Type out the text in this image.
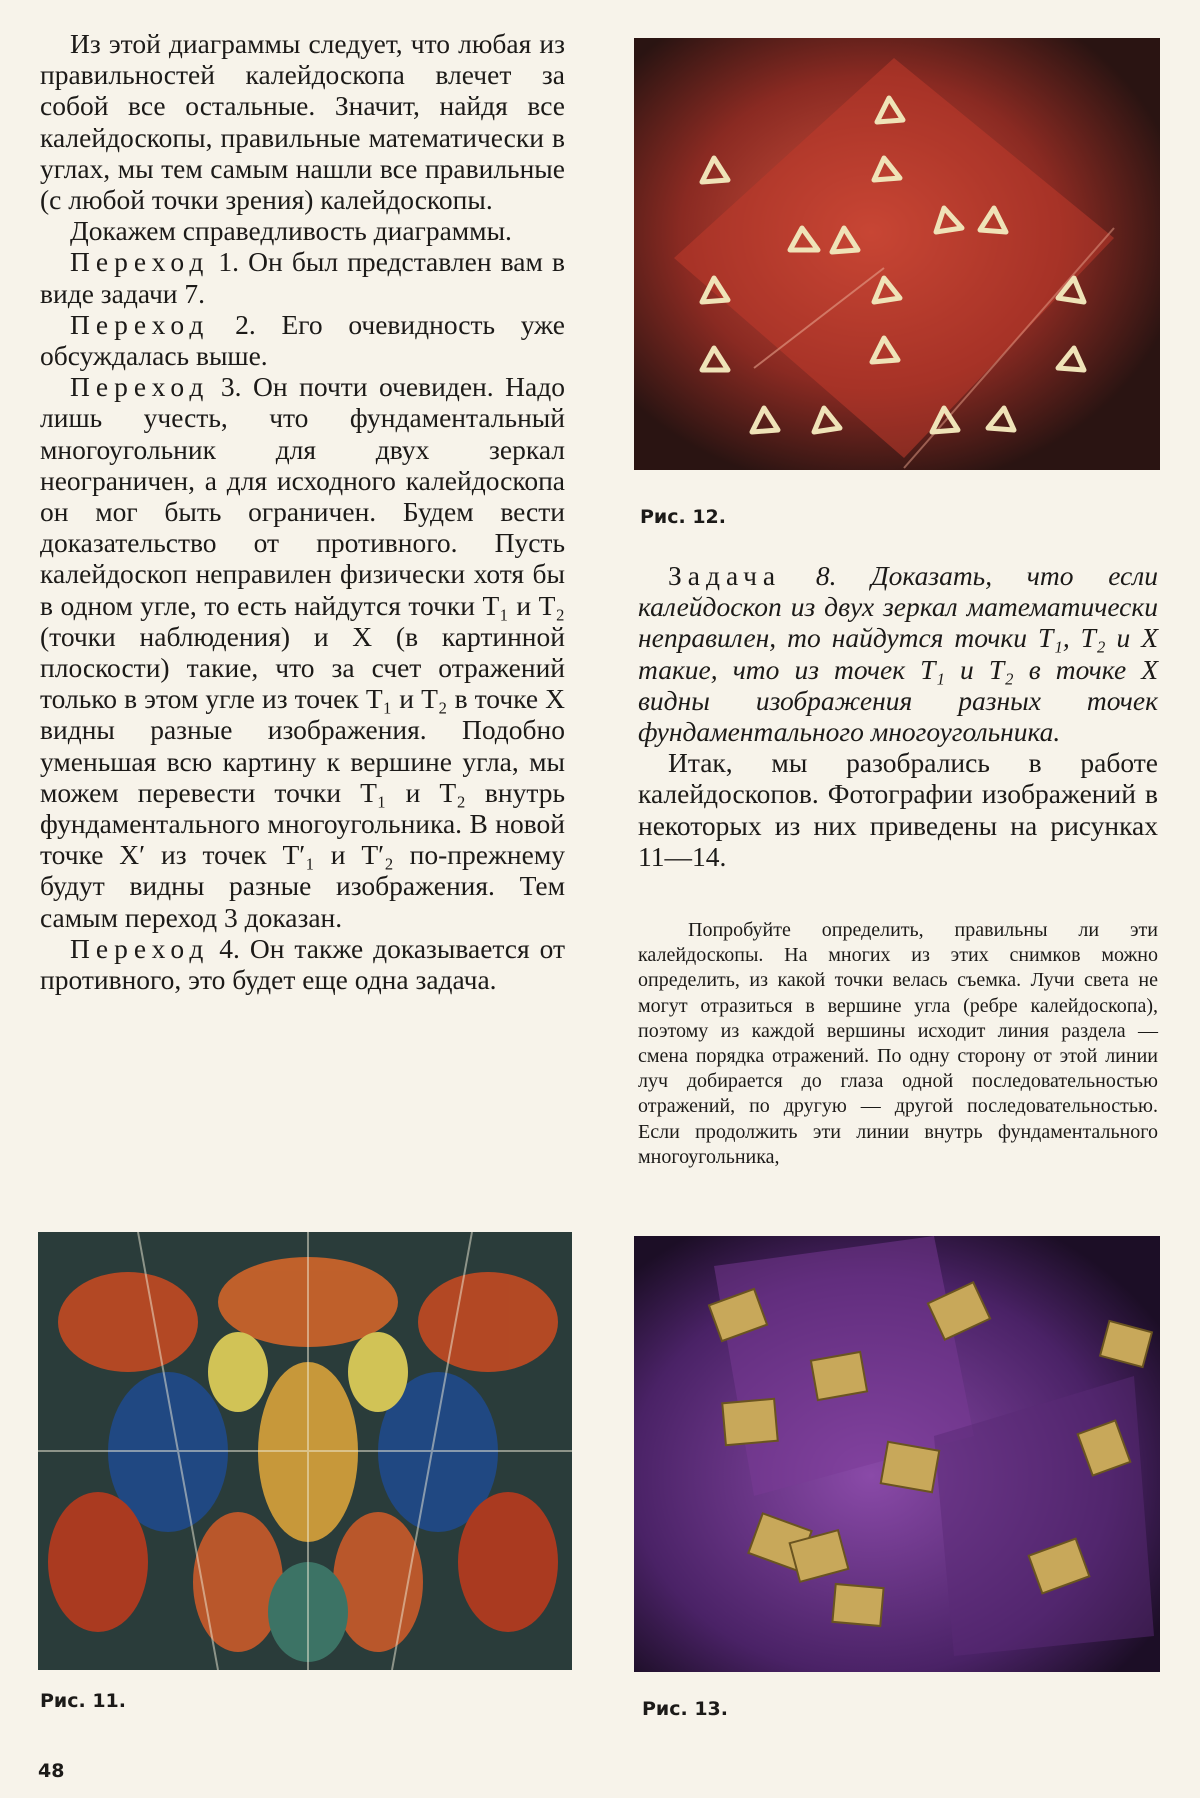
Из этой диаграммы следует, что любая из правильностей калейдоскопа влечет за собой все остальные. Значит, найдя все калейдоскопы, правильные математически в углах, мы тем самым нашли все правильные (с любой точки зрения) калейдоскопы.

Докажем справедливость диаграммы.

Переход 1. Он был представлен вам в виде задачи 7.

Переход 2. Его очевидность уже обсуждалась выше.

Переход 3. Он почти очевиден. Надо лишь учесть, что фундаментальный многоугольник для двух зеркал неограничен, а для исходного калейдоскопа он мог быть ограничен. Будем вести доказательство от противного. Пусть калейдоскоп неправилен физически хотя бы в одном угле, то есть найдутся точки T₁ и T₂ (точки наблюдения) и X (в картинной плоскости) такие, что за счет отражений только в этом угле из точек T₁ и T₂ в точке X видны разные изображения. Подобно уменьшая всю картину к вершине угла, мы можем перевести точки T₁ и T₂ внутрь фундаментального многоугольника. В новой точке X′ из точек T′₁ и T′₂ по-прежнему будут видны разные изображения. Тем самым переход 3 доказан.

Переход 4. Он также доказывается от противного, это будет еще одна задача.

Рис. 12.

Задача 8. Доказать, что если калейдоскоп из двух зеркал математически неправилен, то найдутся точки T₁, T₂ и X такие, что из точек T₁ и T₂ в точке X видны изображения разных точек фундаментального многоугольника.

Итак, мы разобрались в работе калейдоскопов. Фотографии изображений в некоторых из них приведены на рисунках 11—14.

Попробуйте определить, правильны ли эти калейдоскопы. На многих из этих снимков можно определить, из какой точки велась съемка. Лучи света не могут отразиться в вершине угла (ребре калейдоскопа), поэтому из каждой вершины исходит линия раздела — смена порядка отражений. По одну сторону от этой линии луч добирается до глаза одной последовательностью отражений, по другую — другой последовательностью. Если продолжить эти линии внутрь фундаментального многоугольника,

Рис. 11.	Рис. 13.
48
